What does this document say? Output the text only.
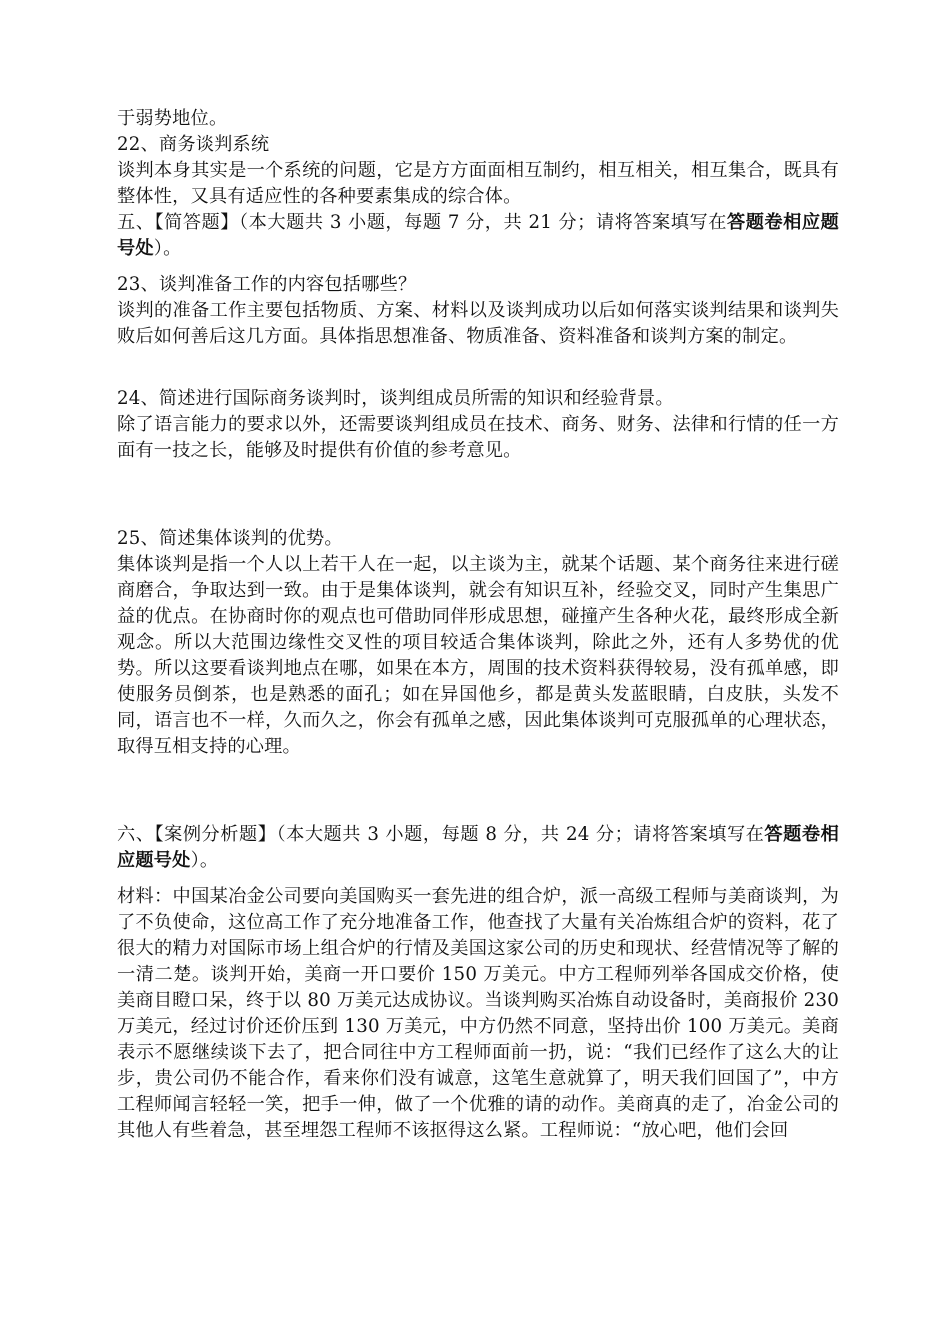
于弱势地位。

22、商务谈判系统

谈判本身其实是一个系统的问题，它是方方面面相互制约，相互相关，相互集合，既具有整体性，又具有适应性的各种要素集成的综合体。

五、【简答题】（本大题共 3 小题，每题 7 分，共 21 分；请将答案填写在答题卷相应题号处）。

23、谈判准备工作的内容包括哪些？

谈判的准备工作主要包括物质、方案、材料以及谈判成功以后如何落实谈判结果和谈判失败后如何善后这几方面。具体指思想准备、物质准备、资料准备和谈判方案的制定。

24、简述进行国际商务谈判时，谈判组成员所需的知识和经验背景。

除了语言能力的要求以外，还需要谈判组成员在技术、商务、财务、法律和行情的任一方面有一技之长，能够及时提供有价值的参考意见。

25、简述集体谈判的优势。

集体谈判是指一个人以上若干人在一起，以主谈为主，就某个话题、某个商务往来进行磋商磨合，争取达到一致。由于是集体谈判，就会有知识互补，经验交叉，同时产生集思广益的优点。在协商时你的观点也可借助同伴形成思想，碰撞产生各种火花，最终形成全新观念。所以大范围边缘性交叉性的项目较适合集体谈判，除此之外，还有人多势优的优势。所以这要看谈判地点在哪，如果在本方，周围的技术资料获得较易，没有孤单感，即使服务员倒茶，也是熟悉的面孔；如在异国他乡，都是黄头发蓝眼睛，白皮肤，头发不同，语言也不一样，久而久之，你会有孤单之感，因此集体谈判可克服孤单的心理状态，取得互相支持的心理。

六、【案例分析题】（本大题共 3 小题，每题 8 分，共 24 分；请将答案填写在答题卷相应题号处）。

材料：中国某冶金公司要向美国购买一套先进的组合炉，派一高级工程师与美商谈判，为了不负使命，这位高工作了充分地准备工作，他查找了大量有关冶炼组合炉的资料，花了很大的精力对国际市场上组合炉的行情及美国这家公司的历史和现状、经营情况等了解的一清二楚。谈判开始，美商一开口要价 150 万美元。中方工程师列举各国成交价格，使美商目瞪口呆，终于以 80 万美元达成协议。当谈判购买冶炼自动设备时，美商报价 230 万美元，经过讨价还价压到 130 万美元，中方仍然不同意，坚持出价 100 万美元。美商表示不愿继续谈下去了，把合同往中方工程师面前一扔，说：“我们已经作了这么大的让步，贵公司仍不能合作，看来你们没有诚意，这笔生意就算了，明天我们回国了”，中方工程师闻言轻轻一笑，把手一伸，做了一个优雅的请的动作。美商真的走了，冶金公司的其他人有些着急，甚至埋怨工程师不该抠得这么紧。工程师说：“放心吧，他们会回
